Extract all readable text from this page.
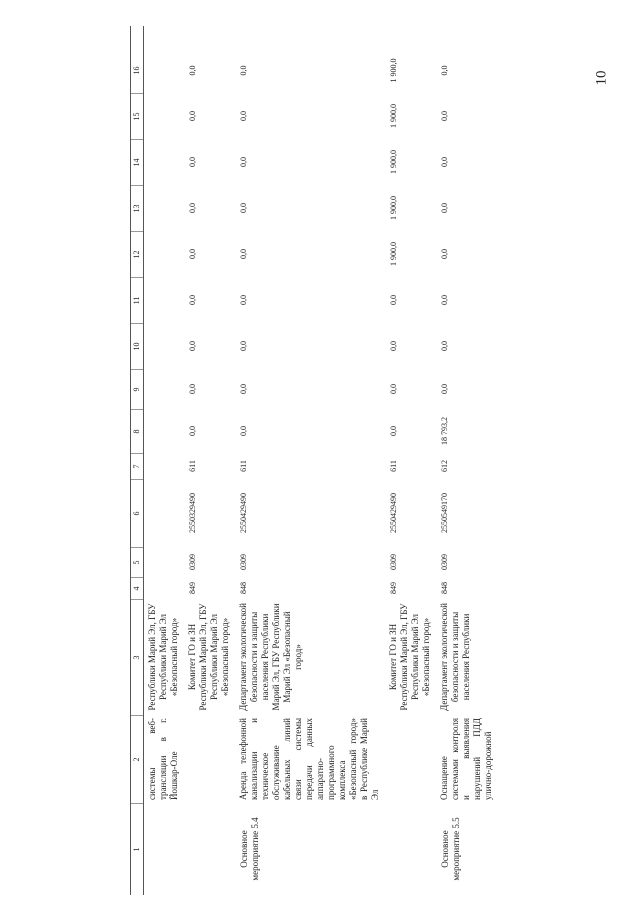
10
1
2
3
4
5
6
7
8
9
10
11
12
13
14
15
16
системы веб-трансляции в г. Йошкар-Оле
Республики Марий Эл, ГБУ Республики Марий Эл «Безопасный город» Комитет ГО и ЗН Республики Марий Эл, ГБУ Республики Марий Эл «Безопасный город»
849
0309
2550329490
611
0,0
0,0
0,0
0,0
0,0
0,0
0,0
0,0
0,0
Основное мероприятие 5.4
Аренда телефонной канализации и техническое обслуживание кабельных линий связи системы передачи данных аппаратно-программного комплекса «Безопасный город» в Республике Марий Эл
Департамент экологической безопасности и защиты населения Республики Марий Эл, ГБУ Республики Марий Эл «Безопасный город»
848
0309
2550429490
611
0,0
0,0
0,0
0,0
0,0
0,0
0,0
0,0
0,0
Комитет ГО и ЗН Республики Марий Эл, ГБУ Республики Марий Эл «Безопасный город»
849
0309
2550429490
611
0,0
0,0
0,0
0,0
1 900,0
1 900,0
1 900,0
1 900,0
1 900,0
Основное мероприятие 5.5
Оснащение системами контроля и выявления нарушений ПДД улично-дорожной
Департамент экологической безопасности и защиты населения Республики
848
0309
2550549170
612
18 793,2
0,0
0,0
0,0
0,0
0,0
0,0
0,0
0,0
